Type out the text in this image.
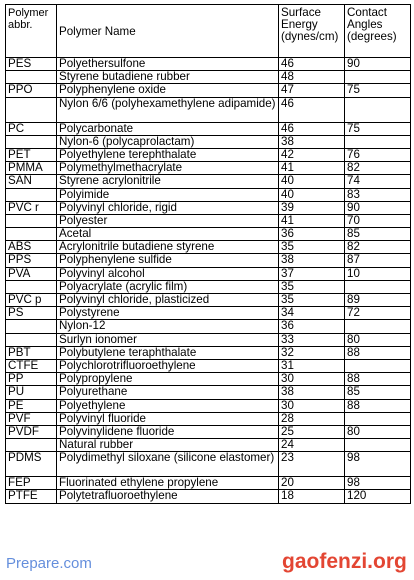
Polymer abbr.	Polymer Name	Surface Energy (dynes/cm)	Contact Angles (degrees)
PES	Polyethersulfone	46	90
	Styrene butadiene rubber	48	
PPO	Polyphenylene oxide	47	75
	Nylon 6/6 (polyhexamethylene adipamide)	46	
PC	Polycarbonate	46	75
	Nylon-6 (polycaprolactam)	38	
PET	Polyethylene terephthalate	42	76
PMMA	Polymethylmethacrylate	41	82
SAN	Styrene acrylonitrile	40	74
	Polyimide	40	83
PVC r	Polyvinyl chloride, rigid	39	90
	Polyester	41	70
	Acetal	36	85
ABS	Acrylonitrile butadiene styrene	35	82
PPS	Polyphenylene sulfide	38	87
PVA	Polyvinyl alcohol	37	10
	Polyacrylate (acrylic film)	35	
PVC p	Polyvinyl chloride, plasticized	35	89
PS	Polystyrene	34	72
	Nylon-12	36	
	Surlyn ionomer	33	80
PBT	Polybutylene teraphthalate	32	88
CTFE	Polychlorotrifluoroethylene	31	
PP	Polypropylene	30	88
PU	Polyurethane	38	85
PE	Polyethylene	30	88
PVF	Polyvinyl fluoride	28	
PVDF	Polyvinylidene fluoride	25	80
	Natural rubber	24	
PDMS	Polydimethyl siloxane (silicone elastomer)	23	98
FEP	Fluorinated ethylene propylene	20	98
PTFE	Polytetrafluoroethylene	18	120
Prepare.com	gaofenzi.org
